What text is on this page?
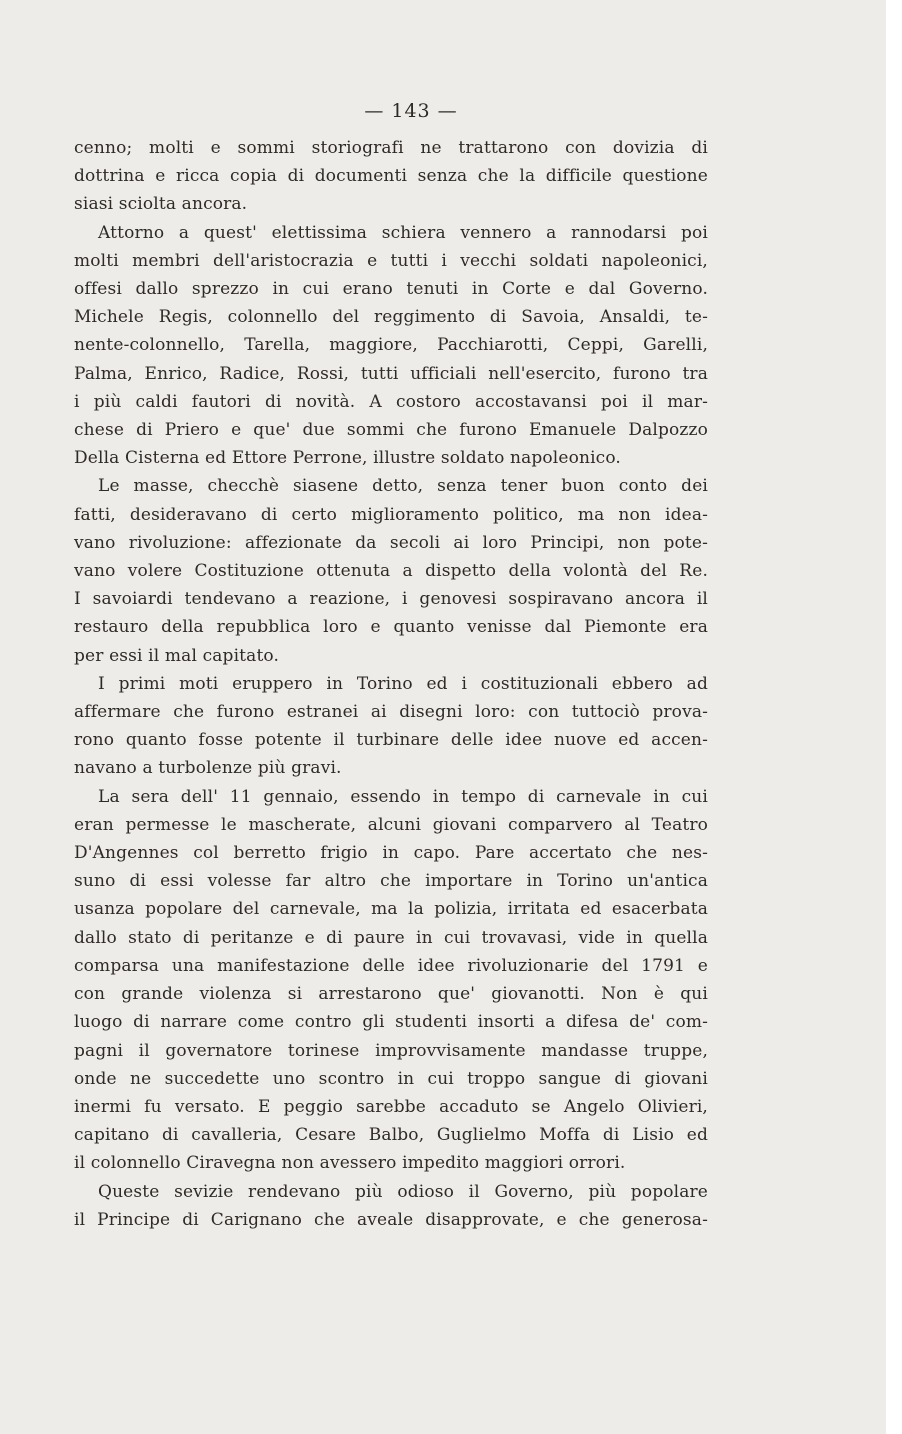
— 143 —
cenno; molti e sommi storiografi ne trattarono con dovizia di
dottrina e ricca copia di documenti senza che la difficile questione
siasi sciolta ancora.
Attorno a quest' elettissima schiera vennero a rannodarsi poi
molti membri dell'aristocrazia e tutti i vecchi soldati napoleonici,
offesi dallo sprezzo in cui erano tenuti in Corte e dal Governo.
Michele Regis, colonnello del reggimento di Savoia, Ansaldi, te-
nente-colonnello, Tarella, maggiore, Pacchiarotti, Ceppi, Garelli,
Palma, Enrico, Radice, Rossi, tutti ufficiali nell'esercito, furono tra
i più caldi fautori di novità. A costoro accostavansi poi il mar-
chese di Priero e que' due sommi che furono Emanuele Dalpozzo
Della Cisterna ed Ettore Perrone, illustre soldato napoleonico.
Le masse, checchè siasene detto, senza tener buon conto dei
fatti, desideravano di certo miglioramento politico, ma non idea-
vano rivoluzione: affezionate da secoli ai loro Principi, non pote-
vano volere Costituzione ottenuta a dispetto della volontà del Re.
I savoiardi tendevano a reazione, i genovesi sospiravano ancora il
restauro della repubblica loro e quanto venisse dal Piemonte era
per essi il mal capitato.
I primi moti eruppero in Torino ed i costituzionali ebbero ad
affermare che furono estranei ai disegni loro: con tuttociò prova-
rono quanto fosse potente il turbinare delle idee nuove ed accen-
navano a turbolenze più gravi.
La sera dell' 11 gennaio, essendo in tempo di carnevale in cui
eran permesse le mascherate, alcuni giovani comparvero al Teatro
D'Angennes col berretto frigio in capo. Pare accertato che nes-
suno di essi volesse far altro che importare in Torino un'antica
usanza popolare del carnevale, ma la polizia, irritata ed esacerbata
dallo stato di peritanze e di paure in cui trovavasi, vide in quella
comparsa una manifestazione delle idee rivoluzionarie del 1791 e
con grande violenza si arrestarono que' giovanotti. Non è qui
luogo di narrare come contro gli studenti insorti a difesa de' com-
pagni il governatore torinese improvvisamente mandasse truppe,
onde ne succedette uno scontro in cui troppo sangue di giovani
inermi fu versato. E peggio sarebbe accaduto se Angelo Olivieri,
capitano di cavalleria, Cesare Balbo, Guglielmo Moffa di Lisio ed
il colonnello Ciravegna non avessero impedito maggiori orrori.
Queste sevizie rendevano più odioso il Governo, più popolare
il Principe di Carignano che aveale disapprovate, e che generosa-
